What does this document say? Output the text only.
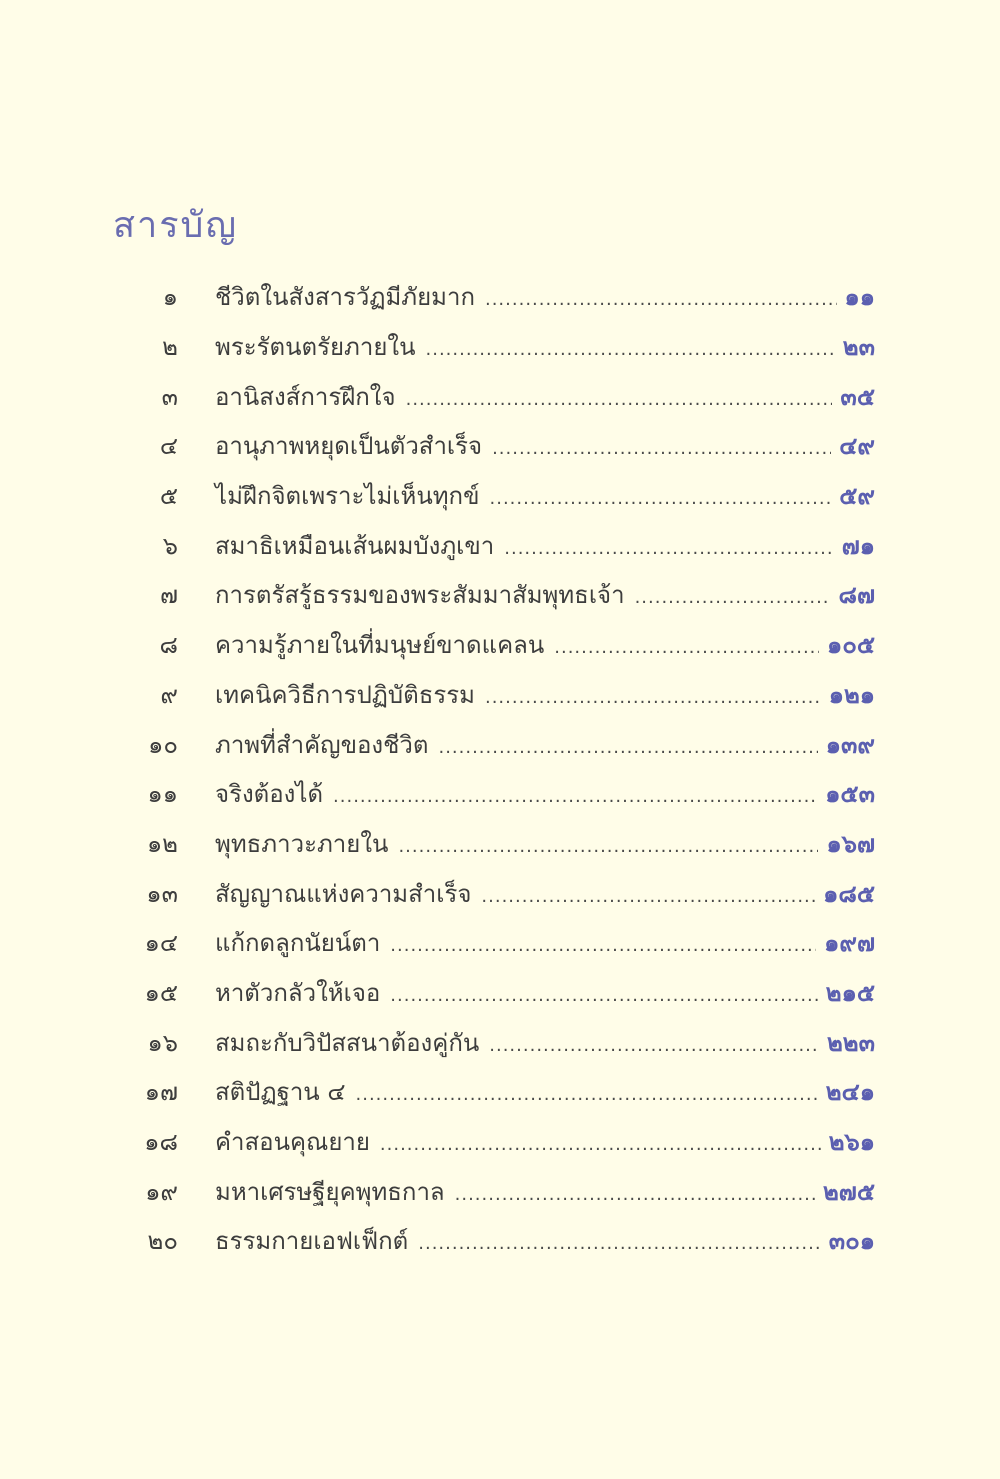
สารบัญ
๑ ชีวิตในสังสารวัฏมีภัยมาก .....	๑๑
๒ พระรัตนตรัยภายใน .....	๒๓
๓ อานิสงส์การฝึกใจ .....	๓๕
๔ อานุภาพหยุดเป็นตัวสำเร็จ .....	๔๙
๕ ไม่ฝึกจิตเพราะไม่เห็นทุกข์ .....	๕๙
๖ สมาธิเหมือนเส้นผมบังภูเขา .....	๗๑
๗ การตรัสรู้ธรรมของพระสัมมาสัมพุทธเจ้า .....	๘๗
๘ ความรู้ภายในที่มนุษย์ขาดแคลน .....	๑๐๕
๙ เทคนิควิธีการปฏิบัติธรรม .....	๑๒๑
๑๐ ภาพที่สำคัญของชีวิต .....	๑๓๙
๑๑ จริงต้องได้ .....	๑๕๓
๑๒ พุทธภาวะภายใน .....	๑๖๗
๑๓ สัญญาณแห่งความสำเร็จ .....	๑๘๕
๑๔ แก้กดลูกนัยน์ตา .....	๑๙๗
๑๕ หาตัวกลัวให้เจอ .....	๒๑๕
๑๖ สมถะกับวิปัสสนาต้องคู่กัน .....	๒๒๓
๑๗ สติปัฏฐาน ๔ .....	๒๔๑
๑๘ คำสอนคุณยาย .....	๒๖๑
๑๙ มหาเศรษฐียุคพุทธกาล .....	๒๗๕
๒๐ ธรรมกายเอฟเฟ็กต์ .....	๓๐๑
